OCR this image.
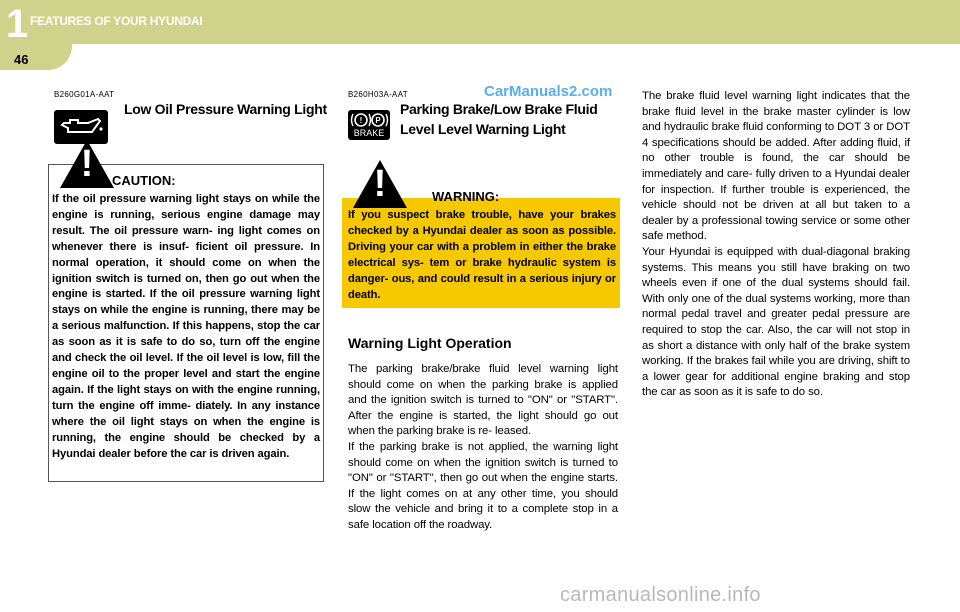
1 FEATURES OF YOUR HYUNDAI
46
B260G01A-AAT
Low Oil Pressure Warning Light
!	CAUTION:
If the oil pressure warning light stays on while the engine is running, serious engine damage may result. The oil pressure warn- ing light comes on whenever there is insuf- ficient oil pressure. In normal operation, it should come on when the ignition switch is turned on, then go out when the engine is started. If the oil pressure warning light stays on while the engine is running, there may be a serious malfunction. If this happens, stop the car as soon as it is safe to do so, turn off the engine and check the oil level. If the oil level is low, fill the engine oil to the proper level and start the engine again. If the light stays on with the engine running, turn the engine off imme- diately. In any instance where the oil light stays on when the engine is running, the engine should be checked by a Hyundai dealer before the car is driven again.
B260H03A-AAT	CarManuals2.com
! P
BRAKE
Parking Brake/Low Brake Fluid
Level Level Warning Light
!	WARNING:
If you suspect brake trouble, have your brakes checked by a Hyundai dealer as soon as possible. Driving your car with a problem in either the brake electrical sys- tem or brake hydraulic system is danger- ous, and could result in a serious injury or death.
Warning Light Operation

The parking brake/brake fluid level warning light should come on when the parking brake is applied and the ignition switch is turned to "ON" or "START". After the engine is started, the light should go out when the parking brake is re- leased.

If the parking brake is not applied, the warning light should come on when the ignition switch is turned to "ON" or "START", then go out when the engine starts. If the light comes on at any other time, you should slow the vehicle and bring it to a complete stop in a safe location off the roadway.

The brake fluid level warning light indicates that the brake fluid level in the brake master cylinder is low and hydraulic brake fluid conforming to DOT 3 or DOT 4 specifications should be added. After adding fluid, if no other trouble is found, the car should be immediately and care- fully driven to a Hyundai dealer for inspection. If further trouble is experienced, the vehicle should not be driven at all but taken to a dealer by a professional towing service or some other safe method.

Your Hyundai is equipped with dual-diagonal braking systems. This means you still have braking on two wheels even if one of the dual systems should fail. With only one of the dual systems working, more than normal pedal travel and greater pedal pressure are required to stop the car. Also, the car will not stop in as short a distance with only half of the brake system working. If the brakes fail while you are driving, shift to a lower gear for additional engine braking and stop the car as soon as it is safe to do so.

carmanualsonline.info
